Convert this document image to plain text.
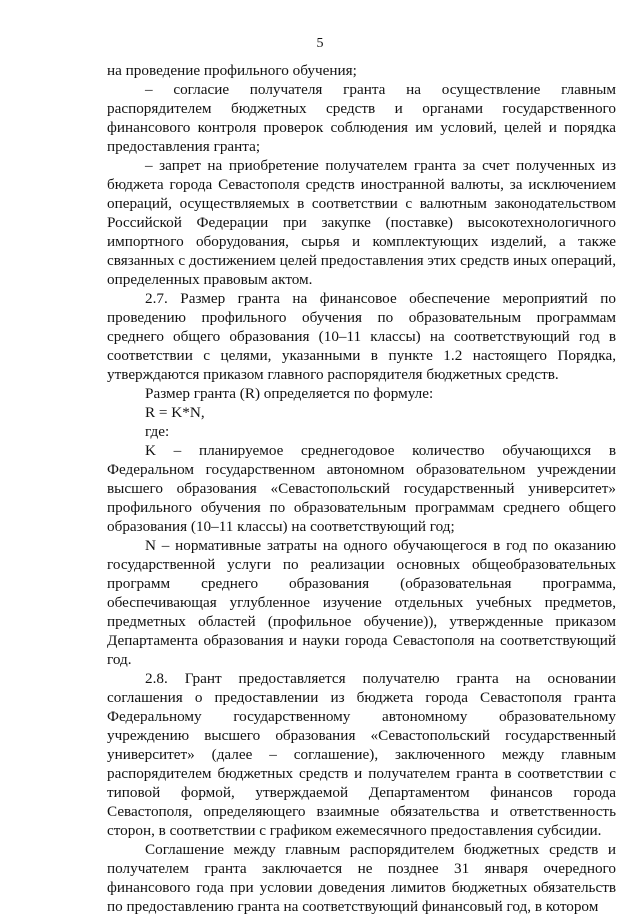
5

на проведение профильного обучения;

– согласие получателя гранта на осуществление главным распорядителем бюджетных средств и органами государственного финансового контроля проверок соблюдения им условий, целей и порядка предоставления гранта;

– запрет на приобретение получателем гранта за счет полученных из бюджета города Севастополя средств иностранной валюты, за исключением операций, осуществляемых в соответствии с валютным законодательством Российской Федерации при закупке (поставке) высокотехнологичного импортного оборудования, сырья и комплектующих изделий, а также связанных с достижением целей предоставления этих средств иных операций, определенных правовым актом.

2.7. Размер гранта на финансовое обеспечение мероприятий по проведению профильного обучения по образовательным программам среднего общего образования (10–11 классы) на соответствующий год в соответствии с целями, указанными в пункте 1.2 настоящего Порядка, утверждаются приказом главного распорядителя бюджетных средств.

Размер гранта (R) определяется по формуле:

R = K*N,

где:

K – планируемое среднегодовое количество обучающихся в Федеральном государственном автономном образовательном учреждении высшего образования «Севастопольский государственный университет» профильного обучения по образовательным программам среднего общего образования (10–11 классы) на соответствующий год;

N – нормативные затраты на одного обучающегося в год по оказанию государственной услуги по реализации основных общеобразовательных программ среднего образования (образовательная программа, обеспечивающая углубленное изучение отдельных учебных предметов, предметных областей (профильное обучение)), утвержденные приказом Департамента образования и науки города Севастополя на соответствующий год.

2.8. Грант предоставляется получателю гранта на основании соглашения о предоставлении из бюджета города Севастополя гранта Федеральному государственному автономному образовательному учреждению высшего образования «Севастопольский государственный университет» (далее – соглашение), заключенного между главным распорядителем бюджетных средств и получателем гранта в соответствии с типовой формой, утверждаемой Департаментом финансов города Севастополя, определяющего взаимные обязательства и ответственность сторон, в соответствии с графиком ежемесячного предоставления субсидии.

Соглашение между главным распорядителем бюджетных средств и получателем гранта заключается не позднее 31 января очередного финансового года при условии доведения лимитов бюджетных обязательств по предоставлению гранта на соответствующий финансовый год, в котором
